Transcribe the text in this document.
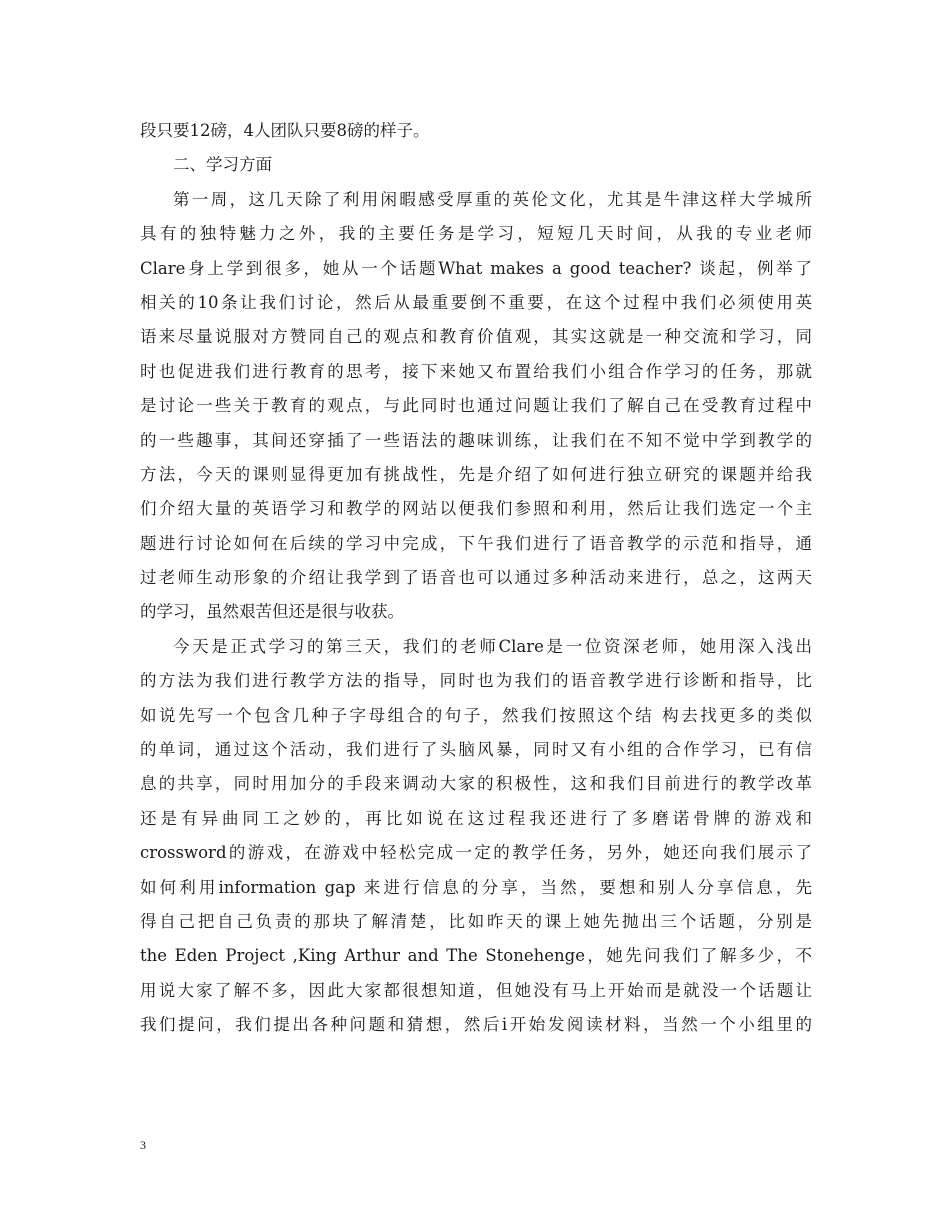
段只要12磅，4人团队只要8磅的样子。
二、学习方面
第一周，这几天除了利用闲暇感受厚重的英伦文化，尤其是牛津这样大学城所
具有的独特魅力之外，我的主要任务是学习，短短几天时间，从我的专业老师
Clare身上学到很多，她从一个话题What makes a good teacher? 谈起，例举了
相关的10条让我们讨论，然后从最重要倒不重要，在这个过程中我们必须使用英
语来尽量说服对方赞同自己的观点和教育价值观，其实这就是一种交流和学习，同
时也促进我们进行教育的思考，接下来她又布置给我们小组合作学习的任务，那就
是讨论一些关于教育的观点，与此同时也通过问题让我们了解自己在受教育过程中
的一些趣事，其间还穿插了一些语法的趣味训练，让我们在不知不觉中学到教学的
方法，今天的课则显得更加有挑战性，先是介绍了如何进行独立研究的课题并给我
们介绍大量的英语学习和教学的网站以便我们参照和利用，然后让我们选定一个主
题进行讨论如何在后续的学习中完成，下午我们进行了语音教学的示范和指导，通
过老师生动形象的介绍让我学到了语音也可以通过多种活动来进行，总之，这两天
的学习，虽然艰苦但还是很与收获。
今天是正式学习的第三天，我们的老师Clare是一位资深老师，她用深入浅出
的方法为我们进行教学方法的指导，同时也为我们的语音教学进行诊断和指导，比
如说先写一个包含几种子字母组合的句子，然我们按照这个结 构去找更多的类似
的单词，通过这个活动，我们进行了头脑风暴，同时又有小组的合作学习，已有信
息的共享，同时用加分的手段来调动大家的积极性，这和我们目前进行的教学改革
还是有异曲同工之妙的，再比如说在这过程我还进行了多磨诺骨牌的游戏和
crossword的游戏，在游戏中轻松完成一定的教学任务，另外，她还向我们展示了
如何利用information gap 来进行信息的分享，当然，要想和别人分享信息，先
得自己把自己负责的那块了解清楚，比如昨天的课上她先抛出三个话题，分别是
the Eden Project ,King Arthur and The Stonehenge，她先问我们了解多少，不
用说大家了解不多，因此大家都很想知道，但她没有马上开始而是就没一个话题让
我们提问，我们提出各种问题和猜想，然后i开始发阅读材料，当然一个小组里的
3
